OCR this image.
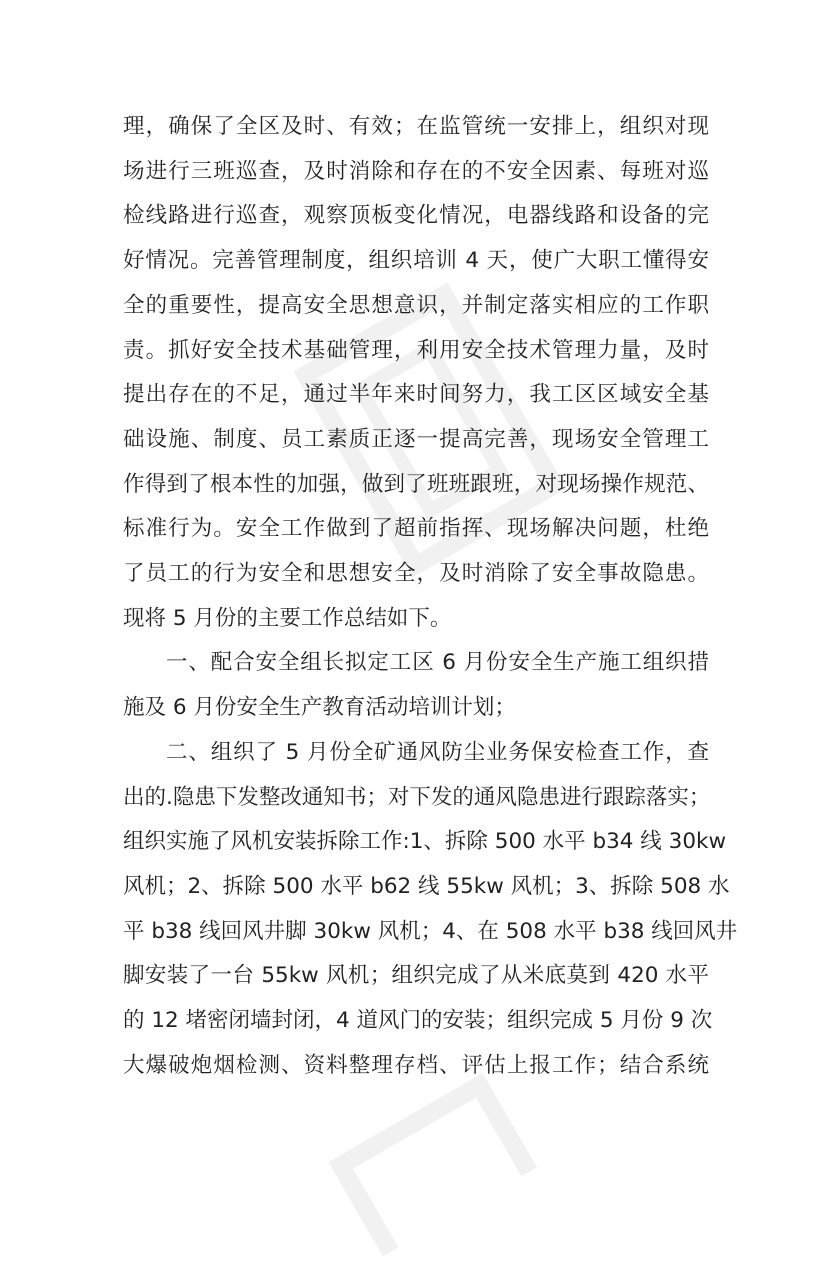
理，确保了全区及时、有效；在监管统一安排上，组织对现
场进行三班巡查，及时消除和存在的不安全因素、每班对巡
检线路进行巡查，观察顶板变化情况，电器线路和设备的完
好情况。完善管理制度，组织培训 4 天，使广大职工懂得安
全的重要性，提高安全思想意识，并制定落实相应的工作职
责。抓好安全技术基础管理，利用安全技术管理力量，及时
提出存在的不足，通过半年来时间努力，我工区区域安全基
础设施、制度、员工素质正逐一提高完善，现场安全管理工
作得到了根本性的加强，做到了班班跟班，对现场操作规范、
标准行为。安全工作做到了超前指挥、现场解决问题，杜绝
了员工的行为安全和思想安全，及时消除了安全事故隐患。
现将 5 月份的主要工作总结如下。
一、配合安全组长拟定工区 6 月份安全生产施工组织措
施及 6 月份安全生产教育活动培训计划；
二、组织了 5 月份全矿通风防尘业务保安检查工作，查
出的.隐患下发整改通知书；对下发的通风隐患进行跟踪落实；
组织实施了风机安装拆除工作:1、拆除 500 水平 b34 线 30kw
风机；2、拆除 500 水平 b62 线 55kw 风机；3、拆除 508 水
平 b38 线回风井脚 30kw 风机；4、在 508 水平 b38 线回风井
脚安装了一台 55kw 风机；组织完成了从米底莫到 420 水平
的 12 堵密闭墙封闭，4 道风门的安装；组织完成 5 月份 9 次
大爆破炮烟检测、资料整理存档、评估上报工作；结合系统
